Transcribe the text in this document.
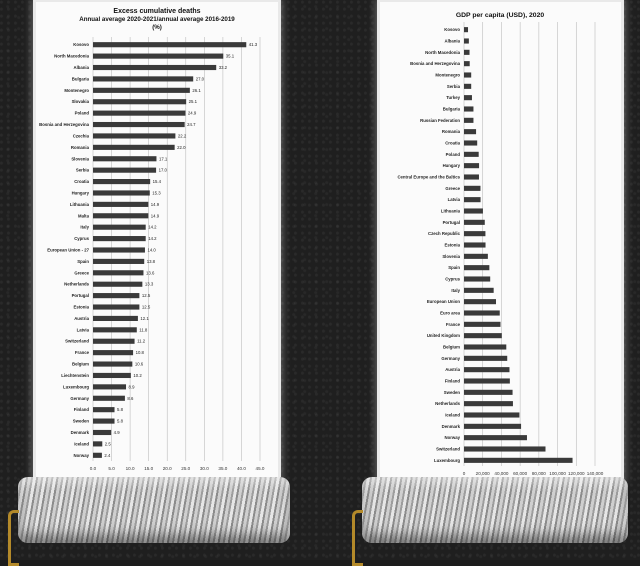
Excess cumulative deaths
Annual average 2020-2021/annual average 2016-2019
(%)
Kosovo	41.3
North Macedonia	35.1
Albania	33.2
Bulgaria	27.0
Montenegro	26.1
Slovakia	25.1
Poland	24.9
Bosnia and Herzegovina	24.7
Czechia	22.2
Romania	22.0
Slovenia	17.1
Serbia	17.0
Croatia	15.4
Hungary	15.3
Lithuania	14.9
Malta	14.9
Italy	14.2
Cyprus	14.2
European Union - 27	14.0
Spain	13.8
Greece	13.6
Netherlands	13.3
Portugal	12.5
Estonia	12.5
Austria	12.1
Latvia	11.8
Switzerland	11.2
France	10.8
Belgium	10.6
Liechtenstein	10.2
Luxembourg	8.9
Germany	8.6
Finland	5.8
Sweden	5.8
Denmark	4.9
Iceland	2.5
Norway	2.4
0.0	5.0 10.0 15.0 20.0 25.0 30.0 35.0 40.0 45.0
GDP per capita (USD), 2020
Kosovo
Albania
North Macedonia
Bosnia and Herzegovina
Montenegro
Serbia
Turkey
Bulgaria
Russian Federation
Romania
Croatia
Poland
Hungary
Central Europe and the Baltics
Greece
Latvia
Lithuania
Portugal
Czech Republic
Estonia
Slovenia
Spain
Cyprus
Italy
European Union
Euro area
France
United Kingdom
Belgium
Germany
Austria
Finland
Sweden
Netherlands
Iceland
Denmark
Norway
Switzerland
Luxembourg
0 20,000 40,000 60,000 80,000 100,000 120,000 140,000
